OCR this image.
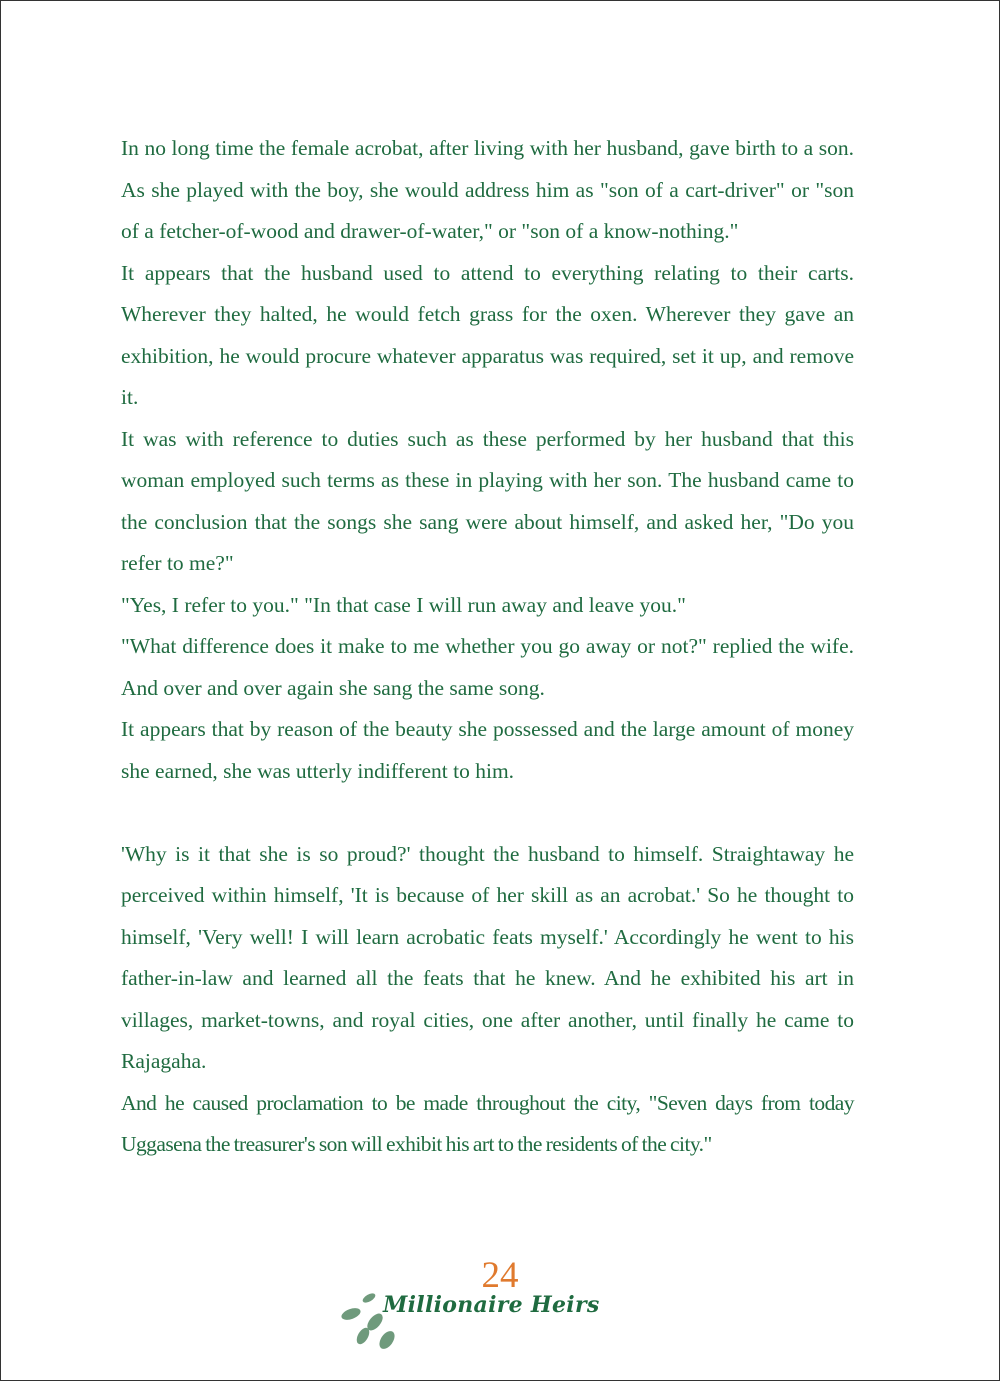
In no long time the female acrobat, after living with her husband, gave birth to a son. As she played with the boy, she would address him as "son of a cart-driver" or "son of a fetcher-of-wood and drawer-of-water," or "son of a know-nothing."

It appears that the husband used to attend to everything relating to their carts. Wherever they halted, he would fetch grass for the oxen. Wherever they gave an exhibition, he would procure whatever apparatus was required, set it up, and remove it.

It was with reference to duties such as these performed by her husband that this woman employed such terms as these in playing with her son. The husband came to the conclusion that the songs she sang were about himself, and asked her, "Do you refer to me?"

"Yes, I refer to you." "In that case I will run away and leave you."

"What difference does it make to me whether you go away or not?" replied the wife. And over and over again she sang the same song.

It appears that by reason of the beauty she possessed and the large amount of money she earned, she was utterly indifferent to him.

'Why is it that she is so proud?' thought the husband to himself. Straightaway he perceived within himself, 'It is because of her skill as an acrobat.' So he thought to himself, 'Very well! I will learn acrobatic feats myself.' Accordingly he went to his father-in-law and learned all the feats that he knew. And he exhibited his art in villages, market-towns, and royal cities, one after another, until finally he came to Rajagaha.

And he caused proclamation to be made throughout the city, "Seven days from today Uggasena the treasurer's son will exhibit his art to the residents of the city."

24
Millionaire Heirs
